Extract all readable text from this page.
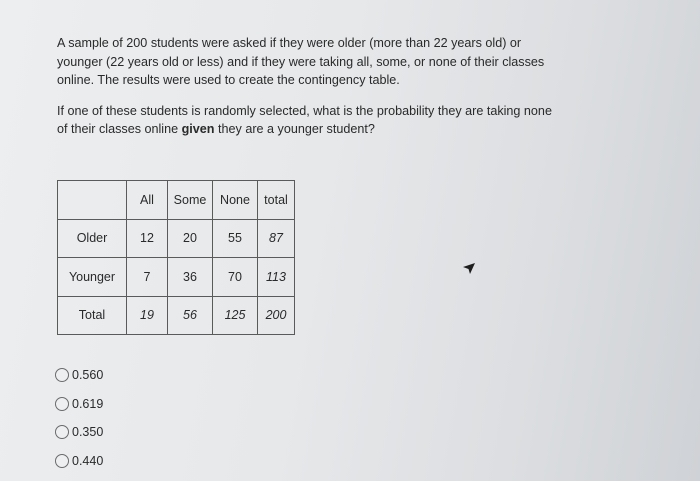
A sample of 200 students were asked if they were older (more than 22 years old) or younger (22 years old or less) and if they were taking all, some, or none of their classes online. The results were used to create the contingency table.

If one of these students is randomly selected, what is the probability they are taking none of their classes online given they are a younger student?

	All	Some	None	total
Older	12	20	55	87
Younger	7	36	70	113
Total	19	56	125	200
0.560
0.619
0.350
0.440
